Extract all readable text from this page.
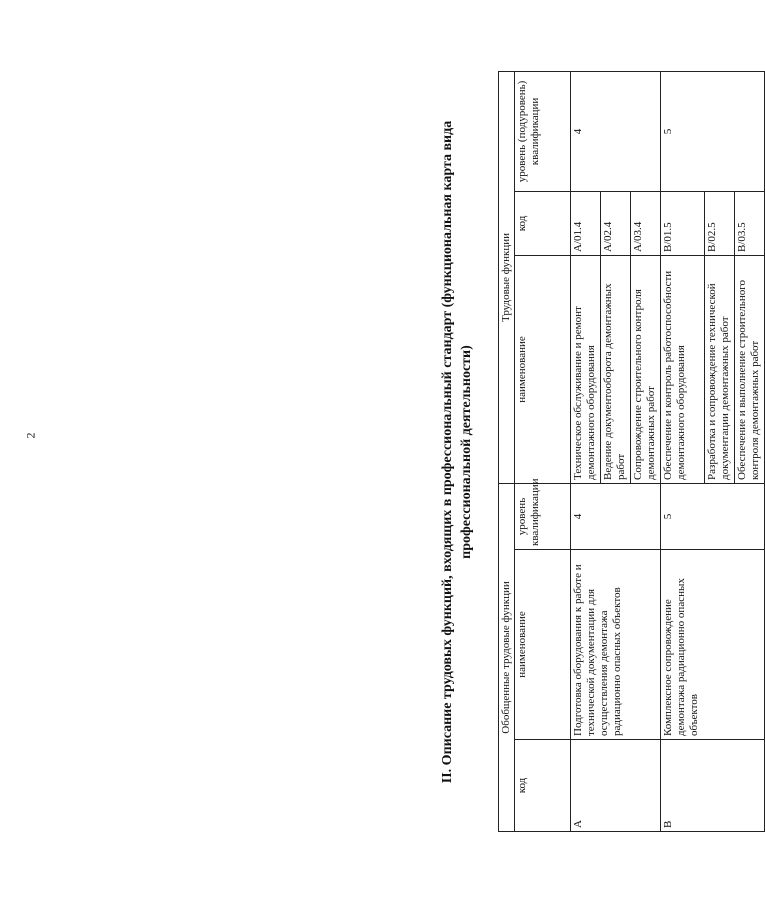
2	II. Описание трудовых функций, входящих в профессиональный стандарт (функциональная карта вида профессиональной деятельности)
Обобщенные трудовые функции			Трудовые функции		
код	наименование	уровень квалификации	наименование	код	уровень (подуровень) квалификации
A	Подготовка оборудования к работе и технической документации для осуществления демонтажа радиационно опасных объектов	4	Техническое обслуживание и ремонт демонтажного оборудования	A/01.4	4
			Ведение документооборота демонтажных работ	A/02.4	
			Сопровождение строительного контроля демонтажных работ	A/03.4	
B	Комплексное сопровождение демонтажа радиационно опасных объектов	5	Обеспечение и контроль работоспособности демонтажного оборудования	B/01.5	5
			Разработка и сопровождение технической документации демонтажных работ	B/02.5	
			Обеспечение и выполнение строительного контроля демонтажных работ	B/03.5	
